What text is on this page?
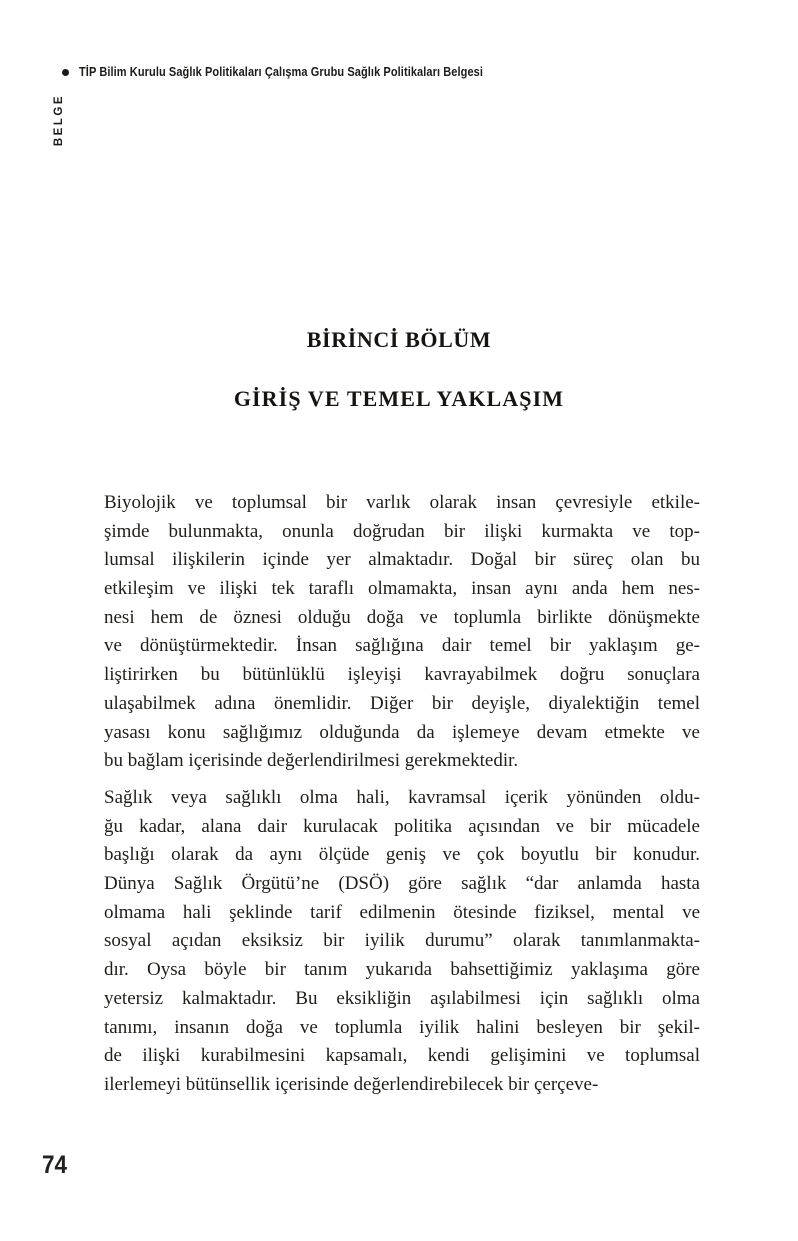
TİP Bilim Kurulu Sağlık Politikaları Çalışma Grubu Sağlık Politikaları Belgesi
BELGE
BİRİNCİ BÖLÜM
GİRİŞ VE TEMEL YAKLAŞIM
Biyolojik ve toplumsal bir varlık olarak insan çevresiyle etkile-
şimde bulunmakta, onunla doğrudan bir ilişki kurmakta ve top-
lumsal ilişkilerin içinde yer almaktadır. Doğal bir süreç olan bu
etkileşim ve ilişki tek taraflı olmamakta, insan aynı anda hem nes-
nesi hem de öznesi olduğu doğa ve toplumla birlikte dönüşmekte
ve dönüştürmektedir. İnsan sağlığına dair temel bir yaklaşım ge-
liştirirken bu bütünlüklü işleyişi kavrayabilmek doğru sonuçlara
ulaşabilmek adına önemlidir. Diğer bir deyişle, diyalektiğin temel
yasası konu sağlığımız olduğunda da işlemeye devam etmekte ve
bu bağlam içerisinde değerlendirilmesi gerekmektedir.
Sağlık veya sağlıklı olma hali, kavramsal içerik yönünden oldu-
ğu kadar, alana dair kurulacak politika açısından ve bir mücadele
başlığı olarak da aynı ölçüde geniş ve çok boyutlu bir konudur.
Dünya Sağlık Örgütü’ne (DSÖ) göre sağlık “dar anlamda hasta
olmama hali şeklinde tarif edilmenin ötesinde fiziksel, mental ve
sosyal açıdan eksiksiz bir iyilik durumu” olarak tanımlanmakta-
dır. Oysa böyle bir tanım yukarıda bahsettiğimiz yaklaşıma göre
yetersiz kalmaktadır. Bu eksikliğin aşılabilmesi için sağlıklı olma
tanımı, insanın doğa ve toplumla iyilik halini besleyen bir şekil-
de ilişki kurabilmesini kapsamalı, kendi gelişimini ve toplumsal
ilerlemeyi bütünsellik içerisinde değerlendirebilecek bir çerçeve-
74
